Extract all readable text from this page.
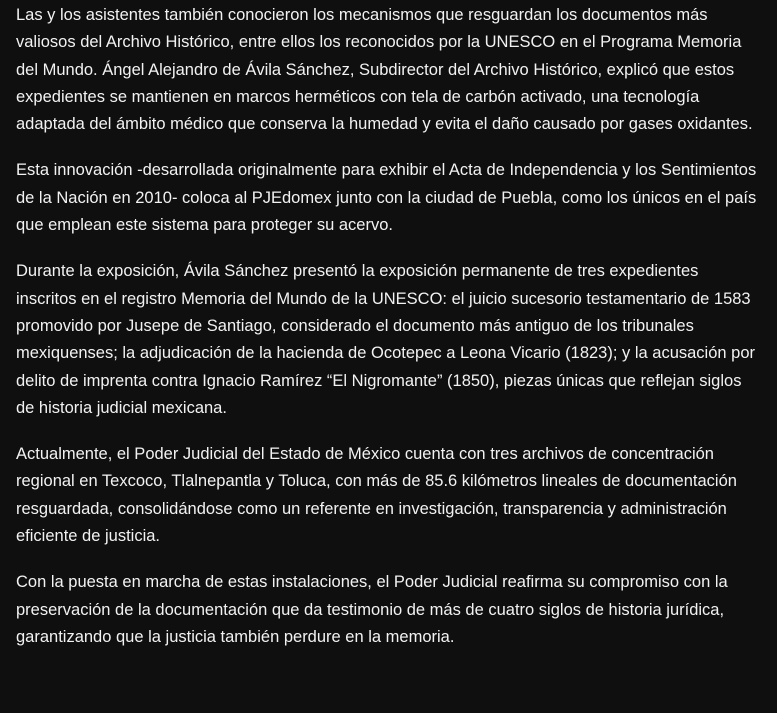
Las y los asistentes también conocieron los mecanismos que resguardan los documentos más valiosos del Archivo Histórico, entre ellos los reconocidos por la UNESCO en el Programa Memoria del Mundo. Ángel Alejandro de Ávila Sánchez, Subdirector del Archivo Histórico, explicó que estos expedientes se mantienen en marcos herméticos con tela de carbón activado, una tecnología adaptada del ámbito médico que conserva la humedad y evita el daño causado por gases oxidantes.

Esta innovación -desarrollada originalmente para exhibir el Acta de Independencia y los Sentimientos de la Nación en 2010- coloca al PJEdomex junto con la ciudad de Puebla, como los únicos en el país que emplean este sistema para proteger su acervo.

Durante la exposición, Ávila Sánchez presentó la exposición permanente de tres expedientes inscritos en el registro Memoria del Mundo de la UNESCO: el juicio sucesorio testamentario de 1583 promovido por Jusepe de Santiago, considerado el documento más antiguo de los tribunales mexiquenses; la adjudicación de la hacienda de Ocotepec a Leona Vicario (1823); y la acusación por delito de imprenta contra Ignacio Ramírez “El Nigromante” (1850), piezas únicas que reflejan siglos de historia judicial mexicana.

Actualmente, el Poder Judicial del Estado de México cuenta con tres archivos de concentración regional en Texcoco, Tlalnepantla y Toluca, con más de 85.6 kilómetros lineales de documentación resguardada, consolidándose como un referente en investigación, transparencia y administración eficiente de justicia.

Con la puesta en marcha de estas instalaciones, el Poder Judicial reafirma su compromiso con la preservación de la documentación que da testimonio de más de cuatro siglos de historia jurídica, garantizando que la justicia también perdure en la memoria.
